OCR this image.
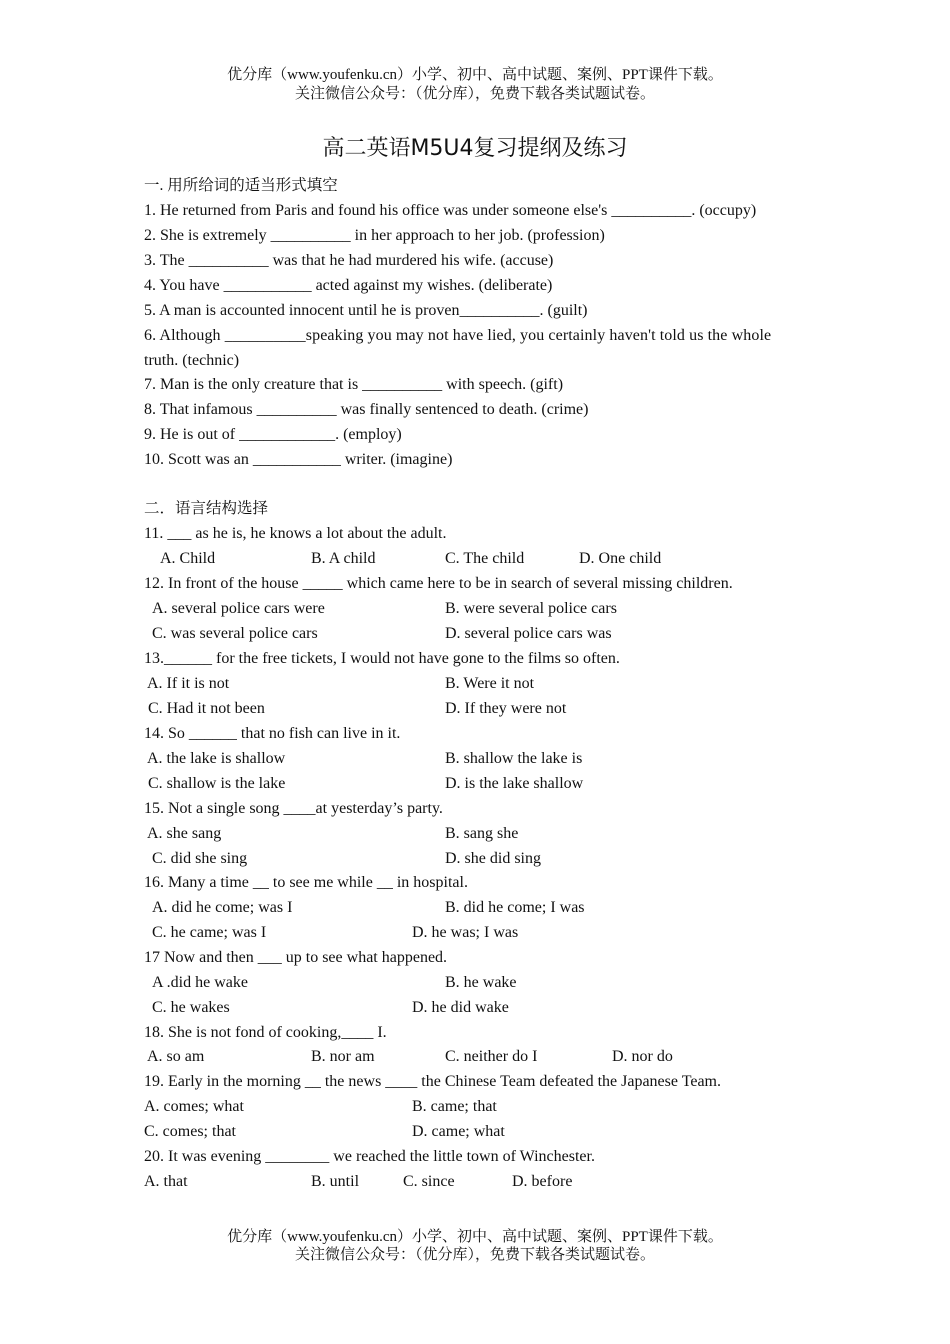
优分库（www.youfenku.cn）小学、初中、高中试题、案例、PPT课件下载。
关注微信公众号：（优分库），免费下载各类试题试卷。
高二英语M5U4复习提纲及练习
一. 用所给词的适当形式填空
1. He returned from Paris and found his office was under someone else's __________. (occupy)
2. She is extremely __________ in her approach to her job. (profession)
3. The __________ was that he had murdered his wife. (accuse)
4. You have ___________ acted against my wishes. (deliberate)
5. A man is accounted innocent until he is proven__________. (guilt)
6. Although __________speaking you may not have lied, you certainly haven't told us the whole
truth. (technic)
7. Man is the only creature that is __________ with speech. (gift)
8. That infamous __________ was finally sentenced to death. (crime)
9. He is out of ____________. (employ)
10. Scott was an ___________ writer. (imagine)
二．语言结构选择
11. ___ as he is, he knows a lot about the adult.
A. Child	B. A child	C. The child	D. One child
12. In front of the house _____ which came here to be in search of several missing children.
A. several police cars were	B. were several police cars
C. was several police cars	D. several police cars was
13.______ for the free tickets, I would not have gone to the films so often.
A. If it is not	B. Were it not
C. Had it not been	D. If they were not
14. So ______ that no fish can live in it.
A. the lake is shallow	B. shallow the lake is
C. shallow is the lake	D. is the lake shallow
15. Not a single song ____at yesterday’s party.
A. she sang	B. sang she
C. did she sing	D. she did sing
16. Many a time __ to see me while __ in hospital.
A. did he come; was I	B. did he come; I was
C. he came; was I	D. he was; I was
17 Now and then ___ up to see what happened.
A .did he wake	B. he wake
C. he wakes	D. he did wake
18. She is not fond of cooking,____ I.
A. so am	B. nor am	C. neither do I	D. nor do
19. Early in the morning __ the news ____ the Chinese Team defeated the Japanese Team.
A. comes; what	B. came; that
C. comes; that	D. came; what
20. It was evening ________ we reached the little town of Winchester.
A. that	B. until	C. since	D. before
优分库（www.youfenku.cn）小学、初中、高中试题、案例、PPT课件下载。
关注微信公众号：（优分库），免费下载各类试题试卷。
